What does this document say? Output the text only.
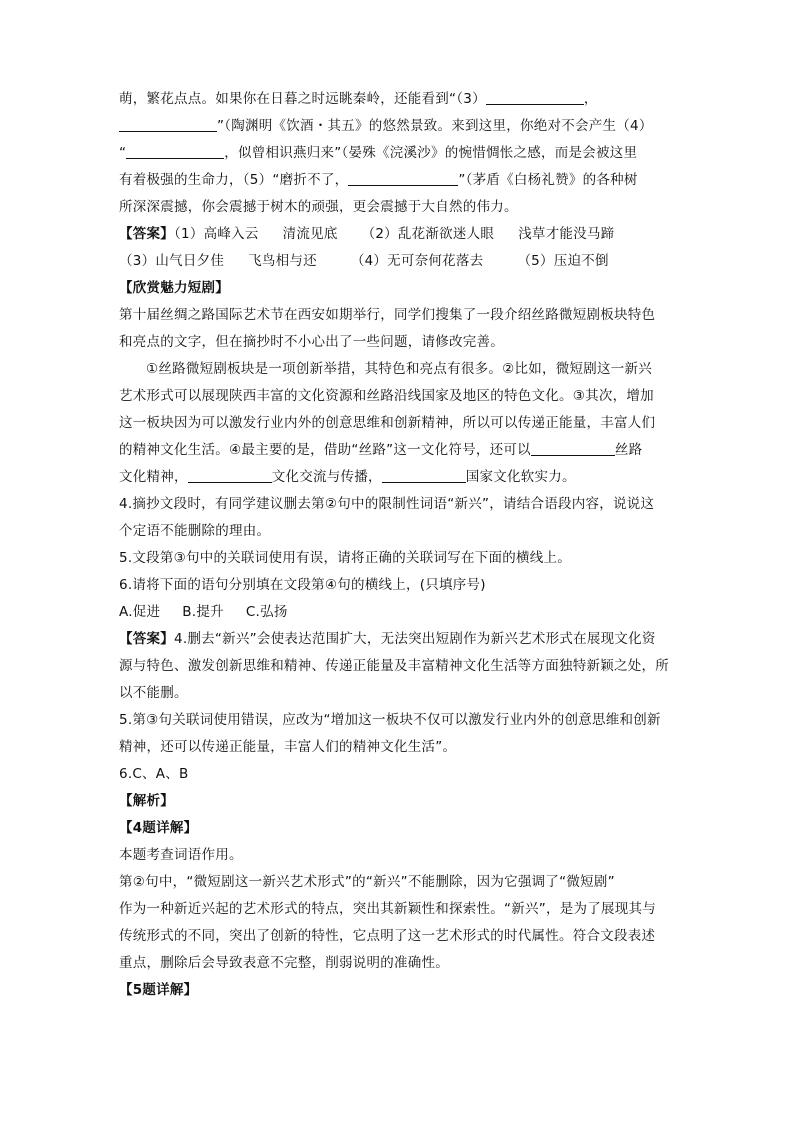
萌，繁花点点。如果你在日暮之时远眺秦岭，还能看到“（3）	，
”（陶渊明《饮酒・其五》的悠然景致。来到这里，你绝对不会产生（4）
“	，似曾相识燕归来”（晏殊《浣溪沙》的惋惜惆怅之感，而是会被这里
有着极强的生命力，（5）“磨折不了，	”（茅盾《白杨礼赞》的各种树
所深深震撼，你会震撼于树木的顽强，更会震撼于大自然的伟力。
【答案】（1）高峰入云 清流见底 （2）乱花渐欲迷人眼 浅草才能没马蹄
（3）山气日夕佳 飞鸟相与还	（4）无可奈何花落去	（5）压迫不倒
【欣赏魅力短剧】
第十届丝绸之路国际艺术节在西安如期举行，同学们搜集了一段介绍丝路微短剧板块特色
和亮点的文字，但在摘抄时不小心出了一些问题，请修改完善。
①丝路微短剧板块是一项创新举措，其特色和亮点有很多。②比如，微短剧这一新兴
艺术形式可以展现陕西丰富的文化资源和丝路沿线国家及地区的特色文化。③其次，增加
这一板块因为可以激发行业内外的创意思维和创新精神，所以可以传递正能量，丰富人们
的精神文化生活。④最主要的是，借助“丝路”这一文化符号，还可以	丝路
文化精神，	文化交流与传播，	国家文化软实力。
4.摘抄文段时，有同学建议删去第②句中的限制性词语“新兴”，请结合语段内容，说说这
个定语不能删除的理由。
5.文段第③句中的关联词使用有误，请将正确的关联词写在下面的横线上。
6.请将下面的语句分别填在文段第④句的横线上，(只填序号)
A.促进 B.提升 C.弘扬
【答案】4.删去“新兴”会使表达范围扩大，无法突出短剧作为新兴艺术形式在展现文化资
源与特色、激发创新思维和精神、传递正能量及丰富精神文化生活等方面独特新颖之处，所
以不能删。
5.第③句关联词使用错误，应改为“增加这一板块不仅可以激发行业内外的创意思维和创新
精神，还可以传递正能量，丰富人们的精神文化生活”。
6.C、A、B
【解析】
【4题详解】
本题考查词语作用。
第②句中，“微短剧这一新兴艺术形式”的“新兴”不能删除，因为它强调了“微短剧”
作为一种新近兴起的艺术形式的特点，突出其新颖性和探索性。“新兴”，是为了展现其与
传统形式的不同，突出了创新的特性，它点明了这一艺术形式的时代属性。符合文段表述
重点，删除后会导致表意不完整，削弱说明的准确性。
【5题详解】
